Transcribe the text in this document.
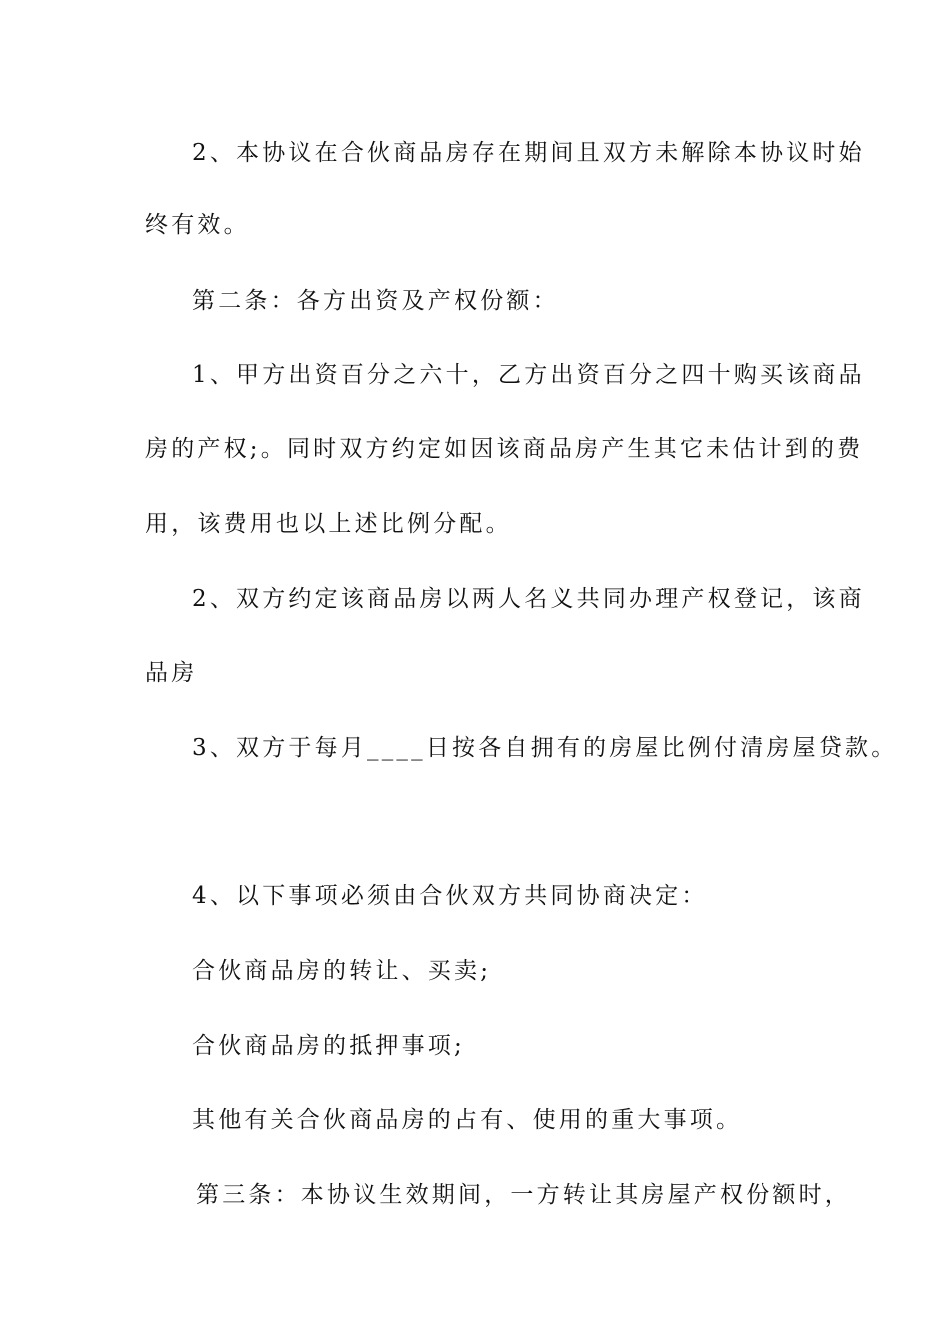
2、本协议在合伙商品房存在期间且双方未解除本协议时始
终有效。
第二条：各方出资及产权份额：
1、甲方出资百分之六十，乙方出资百分之四十购买该商品
房的产权;。同时双方约定如因该商品房产生其它未估计到的费
用，该费用也以上述比例分配。
2、双方约定该商品房以两人名义共同办理产权登记，该商
品房
3、双方于每月____日按各自拥有的房屋比例付清房屋贷款。
4、以下事项必须由合伙双方共同协商决定：
合伙商品房的转让、买卖;
合伙商品房的抵押事项;
其他有关合伙商品房的占有、使用的重大事项。
第三条：本协议生效期间，一方转让其房屋产权份额时，
